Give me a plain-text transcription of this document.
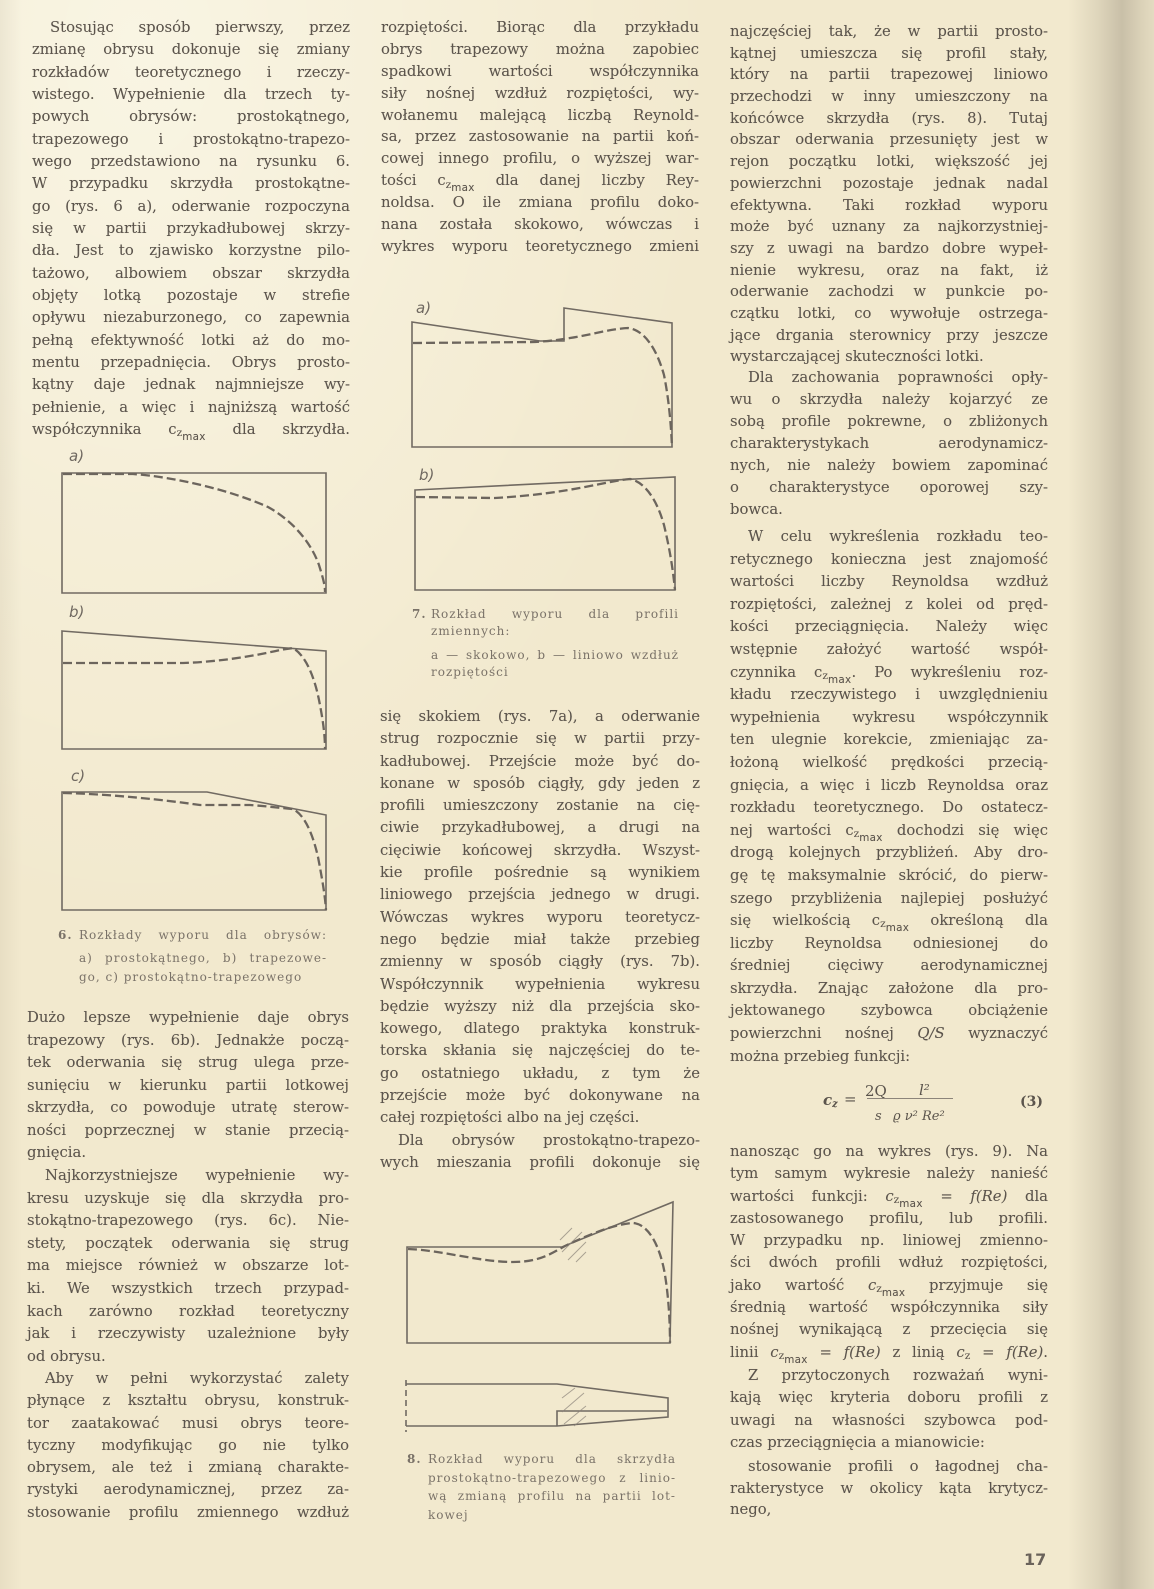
Stosując sposób pierwszy, przez
zmianę obrysu dokonuje się zmiany
rozkładów teoretycznego i rzeczy-
wistego. Wypełnienie dla trzech ty-
powych obrysów: prostokątnego,
trapezowego i prostokątno-trapezo-
wego przedstawiono na rysunku 6.
W przypadku skrzydła prostokątne-
go (rys. 6 a), oderwanie rozpoczyna
się w partii przykadłubowej skrzy-
dła. Jest to zjawisko korzystne pilo-
tażowo, albowiem obszar skrzydła
objęty lotką pozostaje w strefie
opływu niezaburzonego, co zapewnia
pełną efektywność lotki aż do mo-
mentu przepadnięcia. Obrys prosto-
kątny daje jednak najmniejsze wy-
pełnienie, a więc i najniższą wartość
współczynnika $cz_{max}$ dla skrzydła.
6. Rozkłady wyporu dla obrysów:
a) prostokątnego, b) trapezowe-
go, c) prostokątno-trapezowego
Dużo lepsze wypełnienie daje obrys
trapezowy (rys. 6b). Jednakże począ-
tek oderwania się strug ulega prze-
sunięciu w kierunku partii lotkowej
skrzydła, co powoduje utratę sterow-
ności poprzecznej w stanie przecią-
gnięcia.
Najkorzystniejsze wypełnienie wy-
kresu uzyskuje się dla skrzydła pro-
stokątno-trapezowego (rys. 6c). Nie-
stety, początek oderwania się strug
ma miejsce również w obszarze lot-
ki. We wszystkich trzech przypad-
kach zarówno rozkład teoretyczny
jak i rzeczywisty uzależnione były
od obrysu.
Aby w pełni wykorzystać zalety
płynące z kształtu obrysu, konstruk-
tor zaatakować musi obrys teore-
tyczny modyfikując go nie tylko
obrysem, ale też i zmianą charakte-
rystyki aerodynamicznej, przez za-
stosowanie profilu zmiennego wzdłuż
rozpiętości. Biorąc dla przykładu
obrys trapezowy można zapobiec
spadkowi wartości współczynnika
siły nośnej wzdłuż rozpiętości, wy-
wołanemu malejącą liczbą Reynold-
sa, przez zastosowanie na partii koń-
cowej innego profilu, o wyższej war-
tości $cz_{max}$ dla danej liczby Rey-
noldsa. O ile zmiana profilu doko-
nana została skokowo, wówczas i
wykres wyporu teoretycznego zmieni
7. Rozkład wyporu dla profili
zmiennych:
a — skokowo, b — liniowo wzdłuż
rozpiętości
się skokiem (rys. 7a), a oderwanie
strug rozpocznie się w partii przy-
kadłubowej. Przejście może być do-
konane w sposób ciągły, gdy jeden z
profili umieszczony zostanie na cię-
ciwie przykadłubowej, a drugi na
cięciwie końcowej skrzydła. Wszyst-
kie profile pośrednie są wynikiem
liniowego przejścia jednego w drugi.
Wówczas wykres wyporu teoretycz-
nego będzie miał także przebieg
zmienny w sposób ciągły (rys. 7b).
Współczynnik wypełnienia wykresu
będzie wyższy niż dla przejścia sko-
kowego, dlatego praktyka konstruk-
torska skłania się najczęściej do te-
go ostatniego układu, z tym że
przejście może być dokonywane na
całej rozpiętości albo na jej części.
Dla obrysów prostokątno-trapezo-
wych mieszania profili dokonuje się
8. Rozkład wyporu dla skrzydła
prostokątno-trapezowego z linio-
wą zmianą profilu na partii lot-
kowej
najczęściej tak, że w partii prosto-
kątnej umieszcza się profil stały,
który na partii trapezowej liniowo
przechodzi w inny umieszczony na
końcówce skrzydła (rys. 8). Tutaj
obszar oderwania przesunięty jest w
rejon początku lotki, większość jej
powierzchni pozostaje jednak nadal
efektywna. Taki rozkład wyporu
może być uznany za najkorzystniej-
szy z uwagi na bardzo dobre wypeł-
nienie wykresu, oraz na fakt, iż
oderwanie zachodzi w punkcie po-
czątku lotki, co wywołuje ostrzega-
jące drgania sterownicy przy jeszcze
wystarczającej skuteczności lotki.
Dla zachowania poprawności opły-
wu o skrzydła należy kojarzyć ze
sobą profile pokrewne, o zbliżonych
charakterystykach aerodynamicz-
nych, nie należy bowiem zapominać
o charakterystyce oporowej szy-
bowca.
W celu wykreślenia rozkładu teo-
retycznego konieczna jest znajomość
wartości liczby Reynoldsa wzdłuż
rozpiętości, zależnej z kolei od pręd-
kości przeciągnięcia. Należy więc
wstępnie założyć wartość współ-
czynnika $cz_{max}$. Po wykreśleniu roz-
kładu rzeczywistego i uwzględnieniu
wypełnienia wykresu współczynnik
ten ulegnie korekcie, zmieniając za-
łożoną wielkość prędkości przecią-
gnięcia, a więc i liczb Reynoldsa oraz
rozkładu teoretycznego. Do ostatecz-
nej wartości $cz_{max}$ dochodzi się więc
drogą kolejnych przybliżeń. Aby dro-
gę tę maksymalnie skrócić, do pierw-
szego przybliżenia najlepiej posłużyć
się wielkością $cz_{max}$ określoną dla
liczby Reynoldsa odniesionej do
średniej cięciwy aerodynamicznej
skrzydła. Znając założone dla pro-
jektowanego szybowca obciążenie
powierzchni nośnej Q/S wyznaczyć
można przebieg funkcji:
cz = 2Q l²
s ϱ ν² Re²
(3)
nanosząc go na wykres (rys. 9). Na
tym samym wykresie należy nanieść
wartości funkcji: $cz_{max} = f(Re)$ dla
zastosowanego profilu, lub profili.
W przypadku np. liniowej zmienno-
ści dwóch profili wdłuż rozpiętości,
jako wartość $cz_{max}$ przyjmuje się
średnią wartość współczynnika siły
nośnej wynikającą z przecięcia się
linii $cz_{max} = f(Re)$ z linią cz = f(Re).
Z przytoczonych rozważań wyni-
kają więc kryteria doboru profili z
uwagi na własności szybowca pod-
czas przeciągnięcia a mianowicie:
stosowanie profili o łagodnej cha-
rakterystyce w okolicy kąta krytycz-
nego,
17
a)
b)
c)
a)
b)
